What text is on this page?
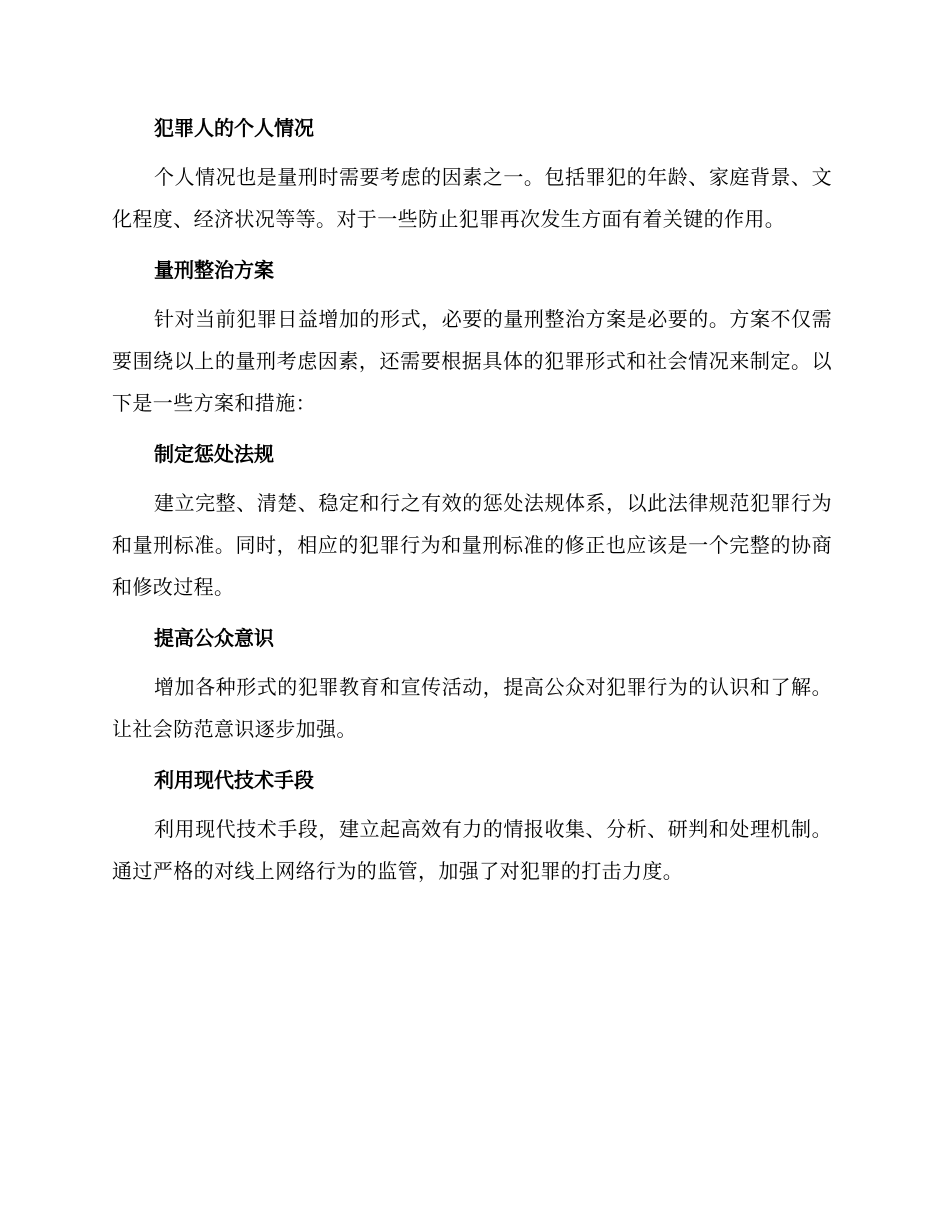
犯罪人的个人情况

个人情况也是量刑时需要考虑的因素之一。包括罪犯的年龄、家庭背景、文化程度、经济状况等等。对于一些防止犯罪再次发生方面有着关键的作用。

量刑整治方案

针对当前犯罪日益增加的形式，必要的量刑整治方案是必要的。方案不仅需要围绕以上的量刑考虑因素，还需要根据具体的犯罪形式和社会情况来制定。以下是一些方案和措施：

制定惩处法规

建立完整、清楚、稳定和行之有效的惩处法规体系，以此法律规范犯罪行为和量刑标准。同时，相应的犯罪行为和量刑标准的修正也应该是一个完整的协商和修改过程。

提高公众意识

增加各种形式的犯罪教育和宣传活动，提高公众对犯罪行为的认识和了解。让社会防范意识逐步加强。

利用现代技术手段

利用现代技术手段，建立起高效有力的情报收集、分析、研判和处理机制。通过严格的对线上网络行为的监管，加强了对犯罪的打击力度。
